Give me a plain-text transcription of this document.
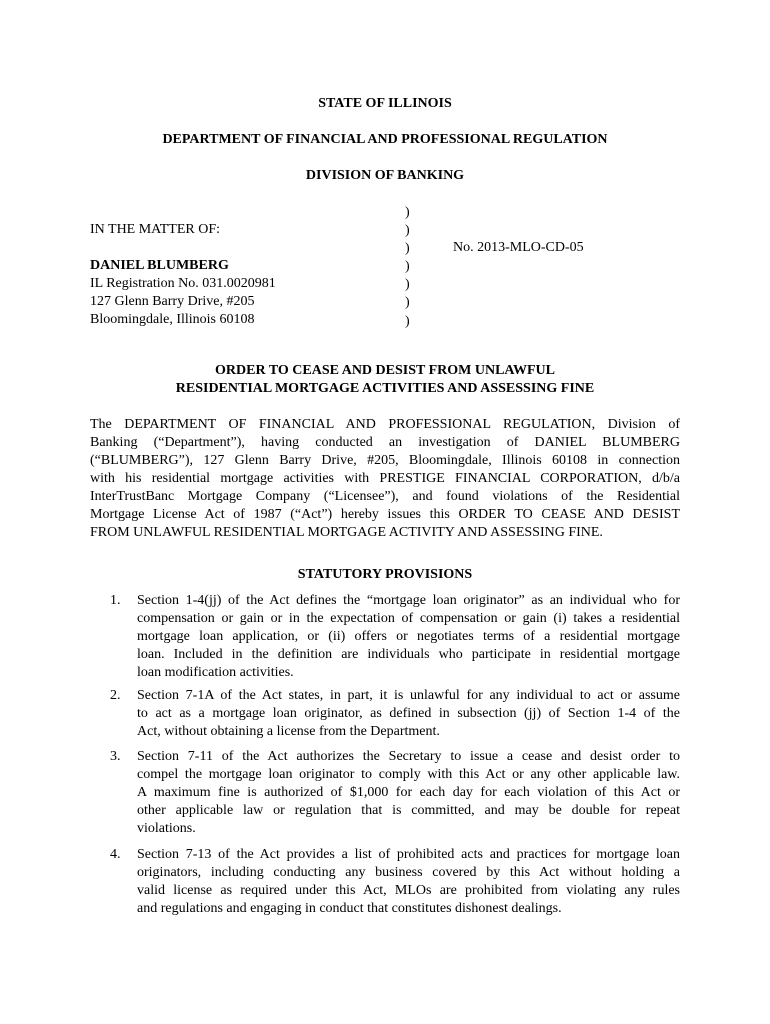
STATE OF ILLINOIS
DEPARTMENT OF FINANCIAL AND PROFESSIONAL REGULATION
DIVISION OF BANKING
IN THE MATTER OF:
DANIEL BLUMBERG
IL Registration No. 031.0020981
127 Glenn Barry Drive, #205
Bloomingdale, Illinois 60108
)
)
)
)
)
)
)
No. 2013-MLO-CD-05
ORDER TO CEASE AND DESIST FROM UNLAWFUL
RESIDENTIAL MORTGAGE ACTIVITIES AND ASSESSING FINE
The DEPARTMENT OF FINANCIAL AND PROFESSIONAL REGULATION, Division of
Banking (“Department”), having conducted an investigation of DANIEL BLUMBERG
(“BLUMBERG”), 127 Glenn Barry Drive, #205, Bloomingdale, Illinois 60108 in connection
with his residential mortgage activities with PRESTIGE FINANCIAL CORPORATION, d/b/a
InterTrustBanc Mortgage Company (“Licensee”), and found violations of the Residential
Mortgage License Act of 1987 (“Act”) hereby issues this ORDER TO CEASE AND DESIST
FROM UNLAWFUL RESIDENTIAL MORTGAGE ACTIVITY AND ASSESSING FINE.
STATUTORY PROVISIONS
1. Section 1-4(jj) of the Act defines the “mortgage loan originator” as an individual who for
compensation or gain or in the expectation of compensation or gain (i) takes a residential
mortgage loan application, or (ii) offers or negotiates terms of a residential mortgage
loan. Included in the definition are individuals who participate in residential mortgage
loan modification activities.
2. Section 7-1A of the Act states, in part, it is unlawful for any individual to act or assume
to act as a mortgage loan originator, as defined in subsection (jj) of Section 1-4 of the
Act, without obtaining a license from the Department.
3. Section 7-11 of the Act authorizes the Secretary to issue a cease and desist order to
compel the mortgage loan originator to comply with this Act or any other applicable law.
A maximum fine is authorized of $1,000 for each day for each violation of this Act or
other applicable law or regulation that is committed, and may be double for repeat
violations.
4. Section 7-13 of the Act provides a list of prohibited acts and practices for mortgage loan
originators, including conducting any business covered by this Act without holding a
valid license as required under this Act, MLOs are prohibited from violating any rules
and regulations and engaging in conduct that constitutes dishonest dealings.
